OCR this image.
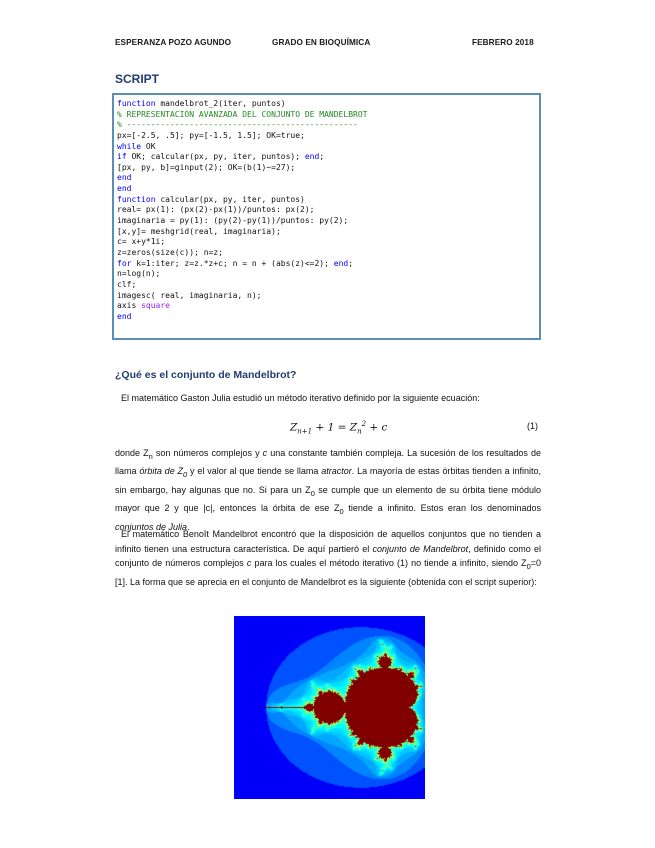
ESPERANZA POZO AGUNDO	GRADO EN BIOQUÍMICA	FEBRERO 2018
SCRIPT
function mandelbrot_2(iter, puntos)
% REPRESENTACIÓN AVANZADA DEL CONJUNTO DE MANDELBROT
% ------------------------------------------------
px=[-2.5, .5]; py=[-1.5, 1.5]; OK=true;
while OK
if OK; calcular(px, py, iter, puntos); end;
[px, py, b]=ginput(2); OK=(b(1)~=27);
end
end
function calcular(px, py, iter, puntos)
real= px(1): (px(2)-px(1))/puntos: px(2);
imaginaria = py(1): (py(2)-py(1))/puntos: py(2);
[x,y]= meshgrid(real, imaginaria);
c= x+y*1i;
z=zeros(size(c)); n=z;
for k=1:iter; z=z.*z+c; n = n + (abs(z)<=2); end;
n=log(n);
clf;
imagesc( real, imaginaria, n);
axis square
end
¿Qué es el conjunto de Mandelbrot?
El matemático Gaston Julia estudió un método iterativo definido por la siguiente ecuación:
$Z_{n+1} + 1 = Z_n^2 + c$	(1)
donde $Z_n$ son números complejos y c una constante también compleja. La sucesión de los resultados de llama órbita de $Z_0$ y el valor al que tiende se llama atractor. La mayoría de estas órbitas tienden a infinito, sin embargo, hay algunas que no. Si para un $Z_0$ se cumple que un elemento de su órbita tiene módulo mayor que 2 y que |c|, entonces la órbita de ese $Z_0$ tiende a infinito. Estos eran los denominados conjuntos de Julia.
El matemático Benoît Mandelbrot encontró que la disposición de aquellos conjuntos que no tienden a infinito tienen una estructura característica. De aquí partieró el conjunto de Mandelbrot, definido como el conjunto de números complejos c para los cuales el método iterativo (1) no tiende a infinito, siendo $Z_0=0$ [1]. La forma que se aprecia en el conjunto de Mandelbrot es la siguiente (obtenida con el script superior):
